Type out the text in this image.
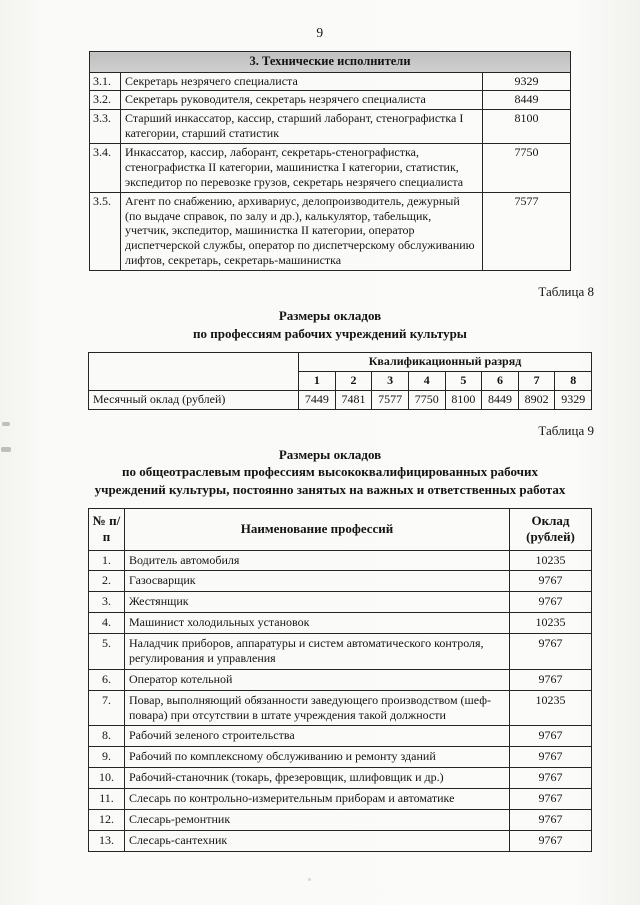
9
3. Технические исполнители		
3.1.	Секретарь незрячего специалиста	9329
3.2.	Секретарь руководителя, секретарь незрячего специалиста	8449
3.3.	Старший инкассатор, кассир, старший лаборант, стенографистка I категории, старший статистик	8100
3.4.	Инкассатор, кассир, лаборант, секретарь-стенографистка, стенографистка II категории, машинистка I категории, статистик, экспедитор по перевозке грузов, секретарь незрячего специалиста	7750
3.5.	Агент по снабжению, архивариус, делопроизводитель, дежурный (по выдаче справок, по залу и др.), калькулятор, табельщик, учетчик, экспедитор, машинистка II категории, оператор диспетчерской службы, оператор по диспетчерскому обслуживанию лифтов, секретарь, секретарь-машинистка	7577
Таблица 8
Размеры окладов
по профессиям рабочих учреждений культуры
	Квалификационный разряд							
	1	2	3	4	5	6	7	8
Месячный оклад (рублей)	7449	7481	7577	7750	8100	8449	8902	9329
Таблица 9
Размеры окладов
по общеотраслевым профессиям высококвалифицированных рабочих
учреждений культуры, постоянно занятых на важных и ответственных работах
№ п/п	Наименование профессий	Оклад (рублей)
1.	Водитель автомобиля	10235
2.	Газосварщик	9767
3.	Жестянщик	9767
4.	Машинист холодильных установок	10235
5.	Наладчик приборов, аппаратуры и систем автоматического контроля, регулирования и управления	9767
6.	Оператор котельной	9767
7.	Повар, выполняющий обязанности заведующего производством (шеф-повара) при отсутствии в штате учреждения такой должности	10235
8.	Рабочий зеленого строительства	9767
9.	Рабочий по комплексному обслуживанию и ремонту зданий	9767
10.	Рабочий-станочник (токарь, фрезеровщик, шлифовщик и др.)	9767
11.	Слесарь по контрольно-измерительным приборам и автоматике	9767
12.	Слесарь-ремонтник	9767
13.	Слесарь-сантехник	9767
